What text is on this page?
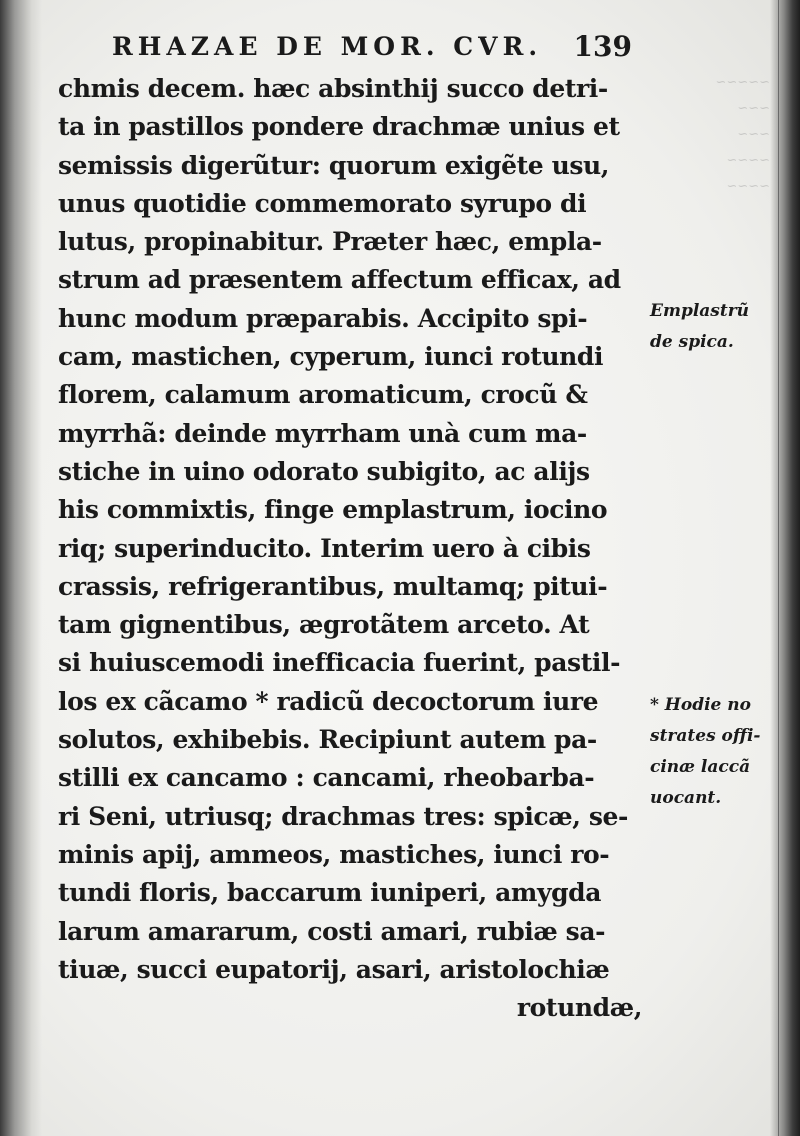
~~~~~ ~~~
~~~ ~~~~
~~~~
RHAZAE DE MOR. CVR. 139
chmis decem. hæc absinthij succo detri-
ta in pastillos pondere drachmæ unius et
semissis digerũtur: quorum exigẽte usu,
unus quotidie commemorato syrupo di
lutus, propinabitur. Præter hæc, empla-
strum ad præsentem affectum efficax, ad
hunc modum præparabis. Accipito spi-
cam, mastichen, cyperum, iunci rotundi
florem, calamum aromaticum, crocũ &
myrrhã: deinde myrrham unà cum ma-
stiche in uino odorato subigito, ac alijs
his commixtis, finge emplastrum, iocino
riq; superinducito. Interim uero à cibis
crassis, refrigerantibus, multamq; pitui-
tam gignentibus, ægrotãtem arceto. At
si huiuscemodi inefficacia fuerint, pastil-
los ex cãcamo * radicũ decoctorum iure
solutos, exhibebis. Recipiunt autem pa-
stilli ex cancamo : cancami, rheobarba-
ri Seni, utriusq; drachmas tres: spicæ, se-
minis apij, ammeos, mastiches, iunci ro-
tundi floris, baccarum iuniperi, amygda
larum amararum, costi amari, rubiæ sa-
tiuæ, succi eupatorij, asari, aristolochiæ
rotundæ,
Emplastrũ
de spica.
* Hodie no
strates offi-
cinæ laccã
uocant.
